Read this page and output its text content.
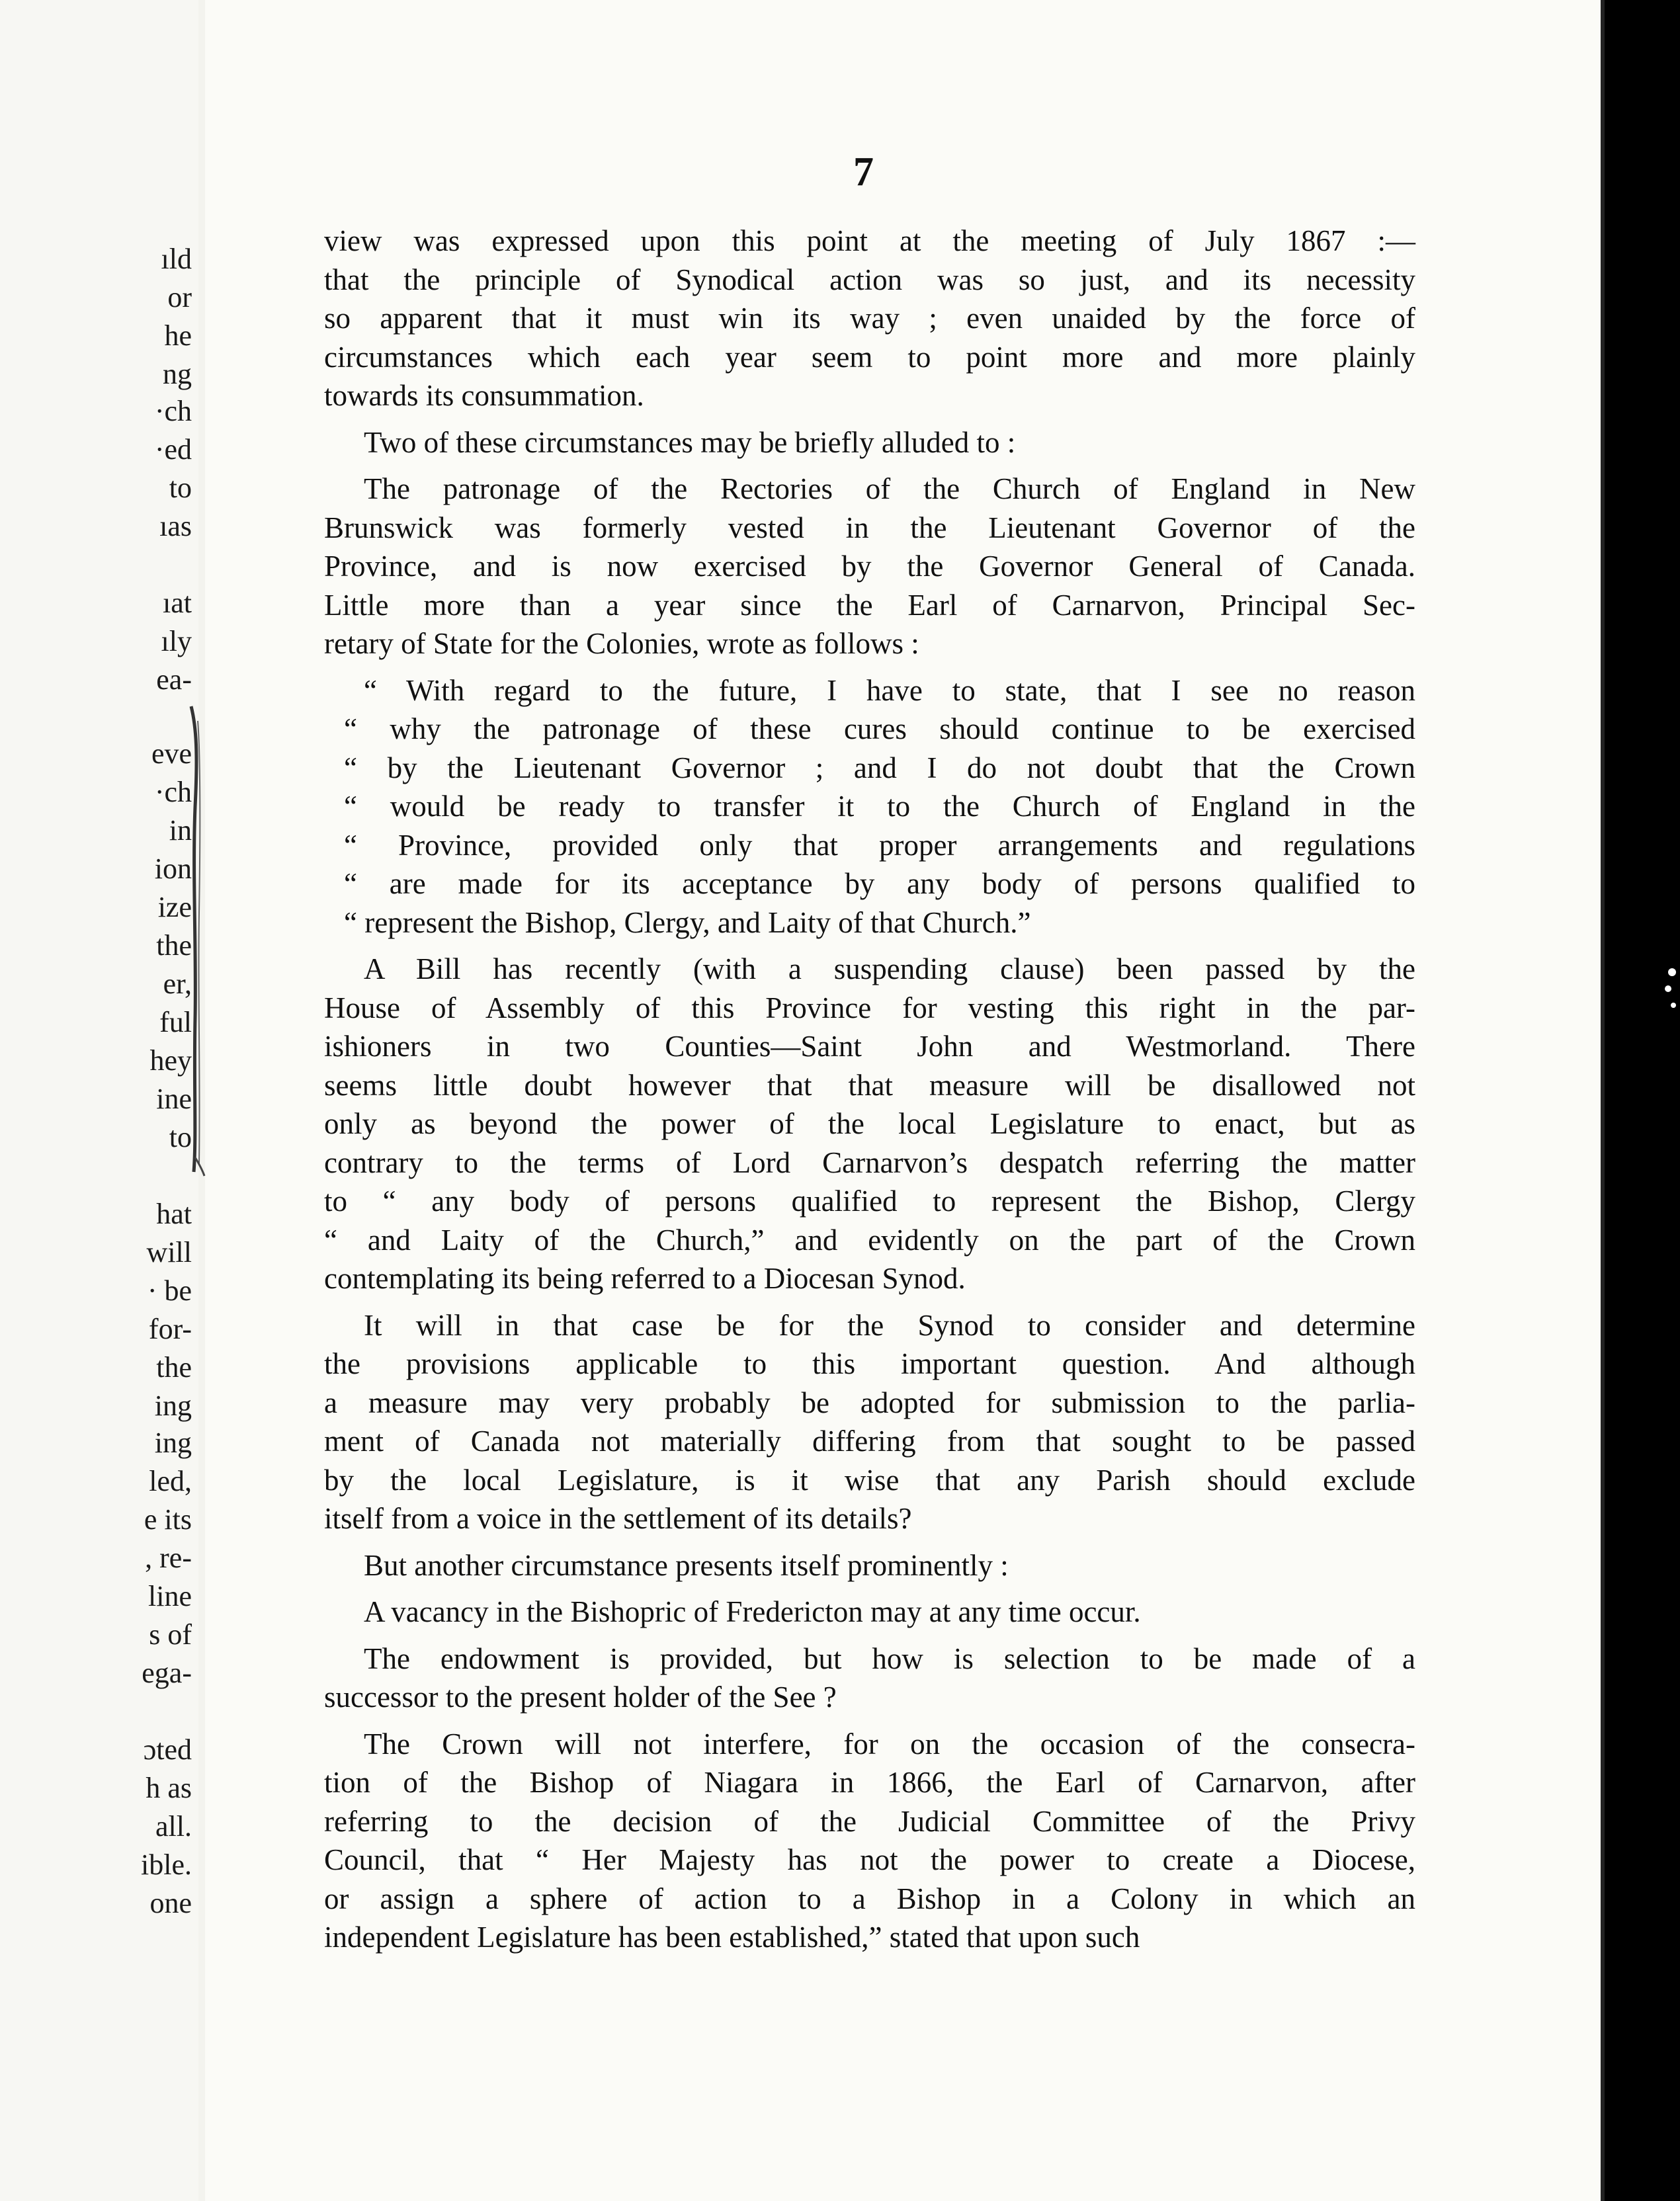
ıld
or
he
ng
·ch
·ed
to
ıas
ıat
ıly
ea-
eve
·ch
in
ion
ize
the
er,
ful
hey
ine
to
hat
will
· be
for-
the
ing
ing
led,
e its
, re-
line
s of
ega-
ɔted
h as
all.
ible.
one
7
view was expressed upon this point at the meeting of July 1867 :—
that the principle of Synodical action was so just, and its necessity
so apparent that it must win its way ; even unaided by the force of
circumstances which each year seem to point more and more plainly
towards its consummation.
Two of these circumstances may be briefly alluded to :
The patronage of the Rectories of the Church of England in New
Brunswick was formerly vested in the Lieutenant Governor of the
Province, and is now exercised by the Governor General of Canada.
Little more than a year since the Earl of Carnarvon, Principal Sec-
retary of State for the Colonies, wrote as follows :
“ With regard to the future, I have to state, that I see no reason
“ why the patronage of these cures should continue to be exercised
“ by the Lieutenant Governor ; and I do not doubt that the Crown
“ would be ready to transfer it to the Church of England in the
“ Province, provided only that proper arrangements and regulations
“ are made for its acceptance by any body of persons qualified to
“ represent the Bishop, Clergy, and Laity of that Church.”
A Bill has recently (with a suspending clause) been passed by the
House of Assembly of this Province for vesting this right in the par-
ishioners in two Counties—Saint John and Westmorland. There
seems little doubt however that that measure will be disallowed not
only as beyond the power of the local Legislature to enact, but as
contrary to the terms of Lord Carnarvon’s despatch referring the matter
to “ any body of persons qualified to represent the Bishop, Clergy
“ and Laity of the Church,” and evidently on the part of the Crown
contemplating its being referred to a Diocesan Synod.
It will in that case be for the Synod to consider and determine
the provisions applicable to this important question. And although
a measure may very probably be adopted for submission to the parlia-
ment of Canada not materially differing from that sought to be passed
by the local Legislature, is it wise that any Parish should exclude
itself from a voice in the settlement of its details?
But another circumstance presents itself prominently :
A vacancy in the Bishopric of Fredericton may at any time occur.
The endowment is provided, but how is selection to be made of a
successor to the present holder of the See ?
The Crown will not interfere, for on the occasion of the consecra-
tion of the Bishop of Niagara in 1866, the Earl of Carnarvon, after
referring to the decision of the Judicial Committee of the Privy
Council, that “ Her Majesty has not the power to create a Diocese,
or assign a sphere of action to a Bishop in a Colony in which an
independent Legislature has been established,” stated that upon such
